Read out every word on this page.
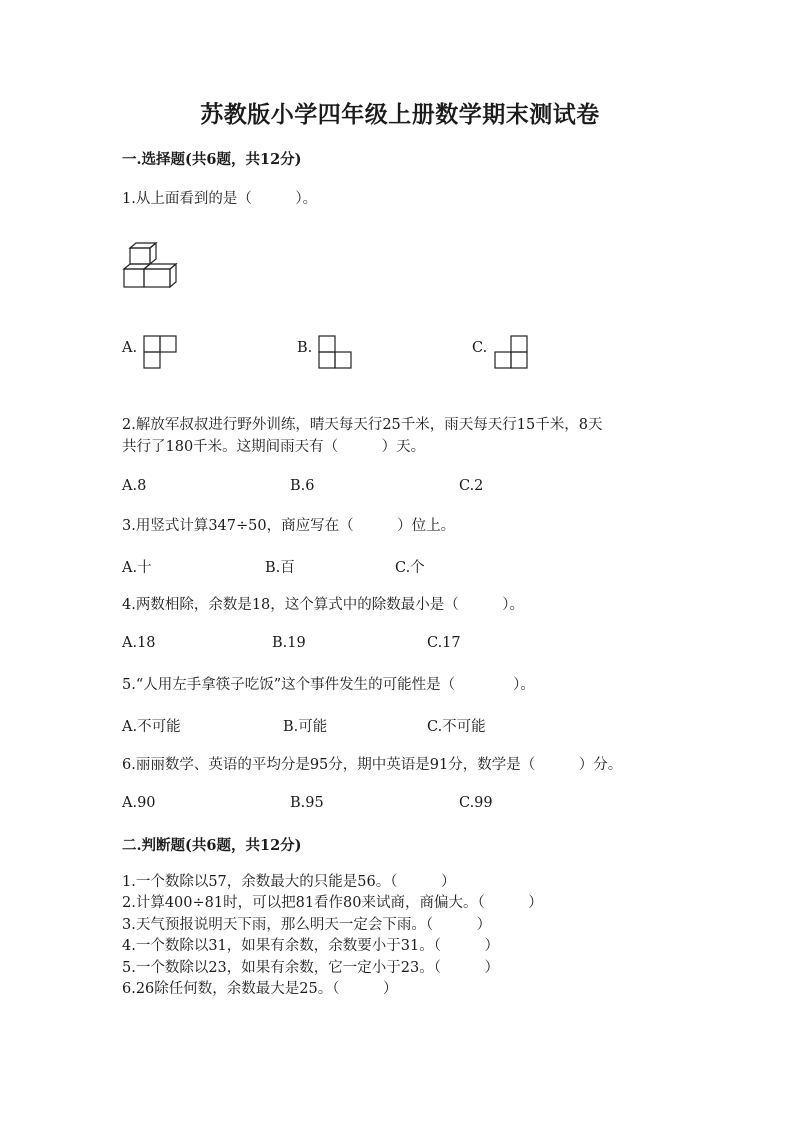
苏教版小学四年级上册数学期末测试卷
一.选择题(共6题，共12分)
1.从上面看到的是（　　　）。
A.	B.	C.
2.解放军叔叔进行野外训练，晴天每天行25千米，雨天每天行15千米，8天
共行了180千米。这期间雨天有（　　　）天。
A.8	B.6	C.2
3.用竖式计算347÷50，商应写在（　　　）位上。
A.十	B.百	C.个
4.两数相除，余数是18，这个算式中的除数最小是（　　　）。
A.18	B.19	C.17
5.“人用左手拿筷子吃饭”这个事件发生的可能性是（　　　　）。
A.不可能	B.可能	C.不可能
6.丽丽数学、英语的平均分是95分，期中英语是91分，数学是（　　　）分。
A.90	B.95	C.99
二.判断题(共6题，共12分)
1.一个数除以57，余数最大的只能是56。（　　　）
2.计算400÷81时，可以把81看作80来试商，商偏大。（　　　）
3.天气预报说明天下雨，那么明天一定会下雨。（　　　）
4.一个数除以31，如果有余数，余数要小于31。（　　　）
5.一个数除以23，如果有余数，它一定小于23。（　　　）
6.26除任何数，余数最大是25。（　　　）
